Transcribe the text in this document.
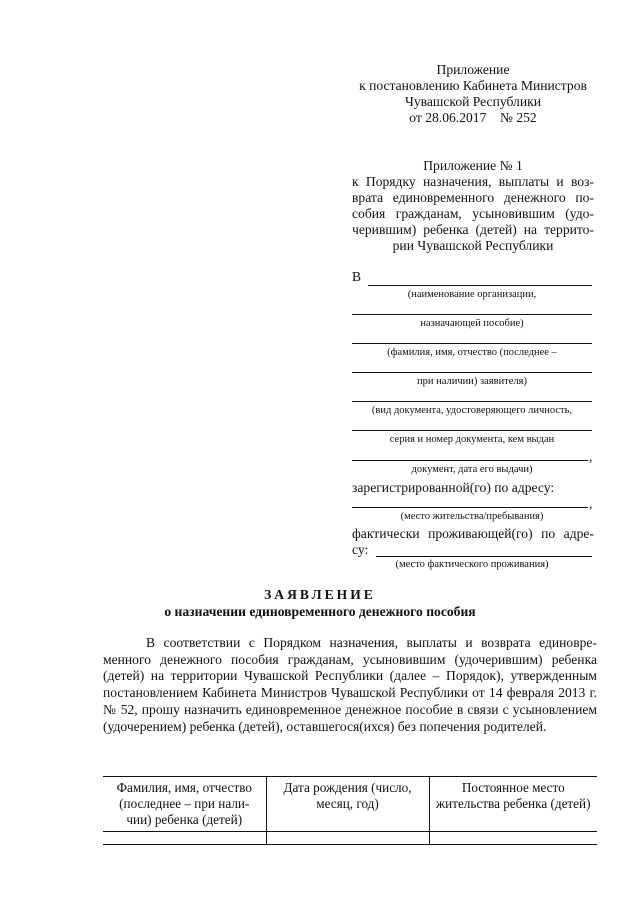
Приложение
к постановлению Кабинета Министров
Чувашской Республики
от 28.06.2017    № 252
Приложение № 1
к Порядку назначения, выплаты и воз-
врата единовременного денежного по-
собия гражданам, усыновившим (удо-
черившим) ребенка (детей) на террито-
рии Чувашской Республики
В
(наименование организации,
назначающей пособие)
(фамилия, имя, отчество (последнее –
при наличии) заявителя)
(вид документа, удостоверяющего личность,
серия и номер документа, кем выдан
,
документ, дата его выдачи)
зарегистрированной(го) по адресу:
,
(место жительства/пребывания)
фактически проживающей(го) по адре-
су:
(место фактического проживания)
ЗАЯВЛЕНИЕ
о назначении единовременного денежного пособия
В соответствии с Порядком назначения, выплаты и возврата единовре-менного денежного пособия гражданам, усыновившим (удочерившим) ребенка (детей) на территории Чувашской Республики (далее – Порядок), утвержденным постановлением Кабинета Министров Чувашской Республики от 14 февраля 2013 г. № 52, прошу назначить единовременное денежное пособие в связи с усыновлением (удочерением) ребенка (детей), оставшегося(ихся) без попечения родителей.
Фамилия, имя, отчество (последнее – при нали-чии) ребенка (детей)	Дата рождения (число, месяц, год)	Постоянное место жительства ребенка (детей)
